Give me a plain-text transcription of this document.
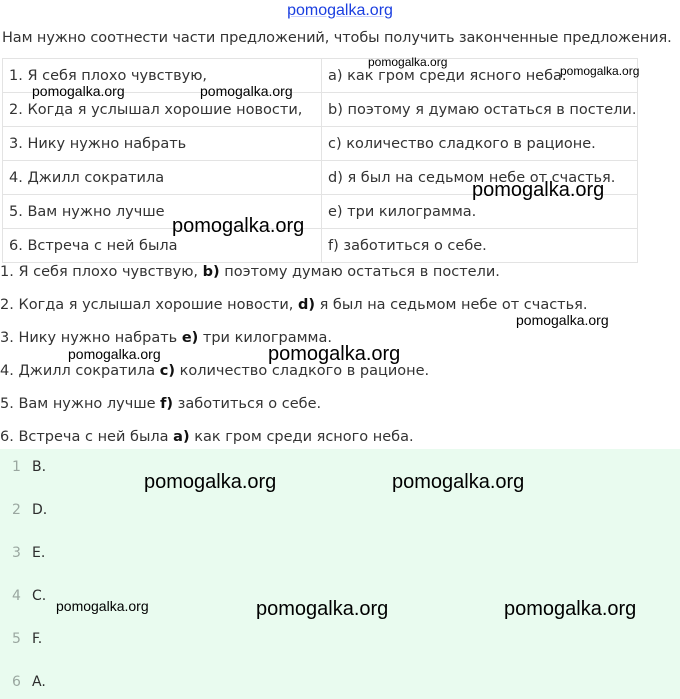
pomogalka.org
Нам нужно соотнести части предложений, чтобы получить законченные предложения.
1. Я себя плохо чувствую,	a) как гром среди ясного неба.
2. Когда я услышал хорошие новости,	b) поэтому я думаю остаться в постели.
3. Нику нужно набрать	c) количество сладкого в рационе.
4. Джилл сократила	d) я был на седьмом небе от счастья.
5. Вам нужно лучше	e) три килограмма.
6. Встреча с ней была	f) заботиться о себе.
1. Я себя плохо чувствую, b) поэтому думаю остаться в постели.
2. Когда я услышал хорошие новости, d) я был на седьмом небе от счастья.
3. Нику нужно набрать e) три килограмма.
4. Джилл сократила c) количество сладкого в рационе.
5. Вам нужно лучше f) заботиться о себе.
6. Встреча с ней была a) как гром среди ясного неба.
1 B.
2 D.
3 E.
4 C.
5 F.
6 A.
pomogalka.org
pomogalka.org
pomogalka.org	pomogalka.org
pomogalka.org
pomogalka.org
pomogalka.org
pomogalka.org	pomogalka.org
pomogalka.org	pomogalka.org
pomogalka.org	pomogalka.org	pomogalka.org
